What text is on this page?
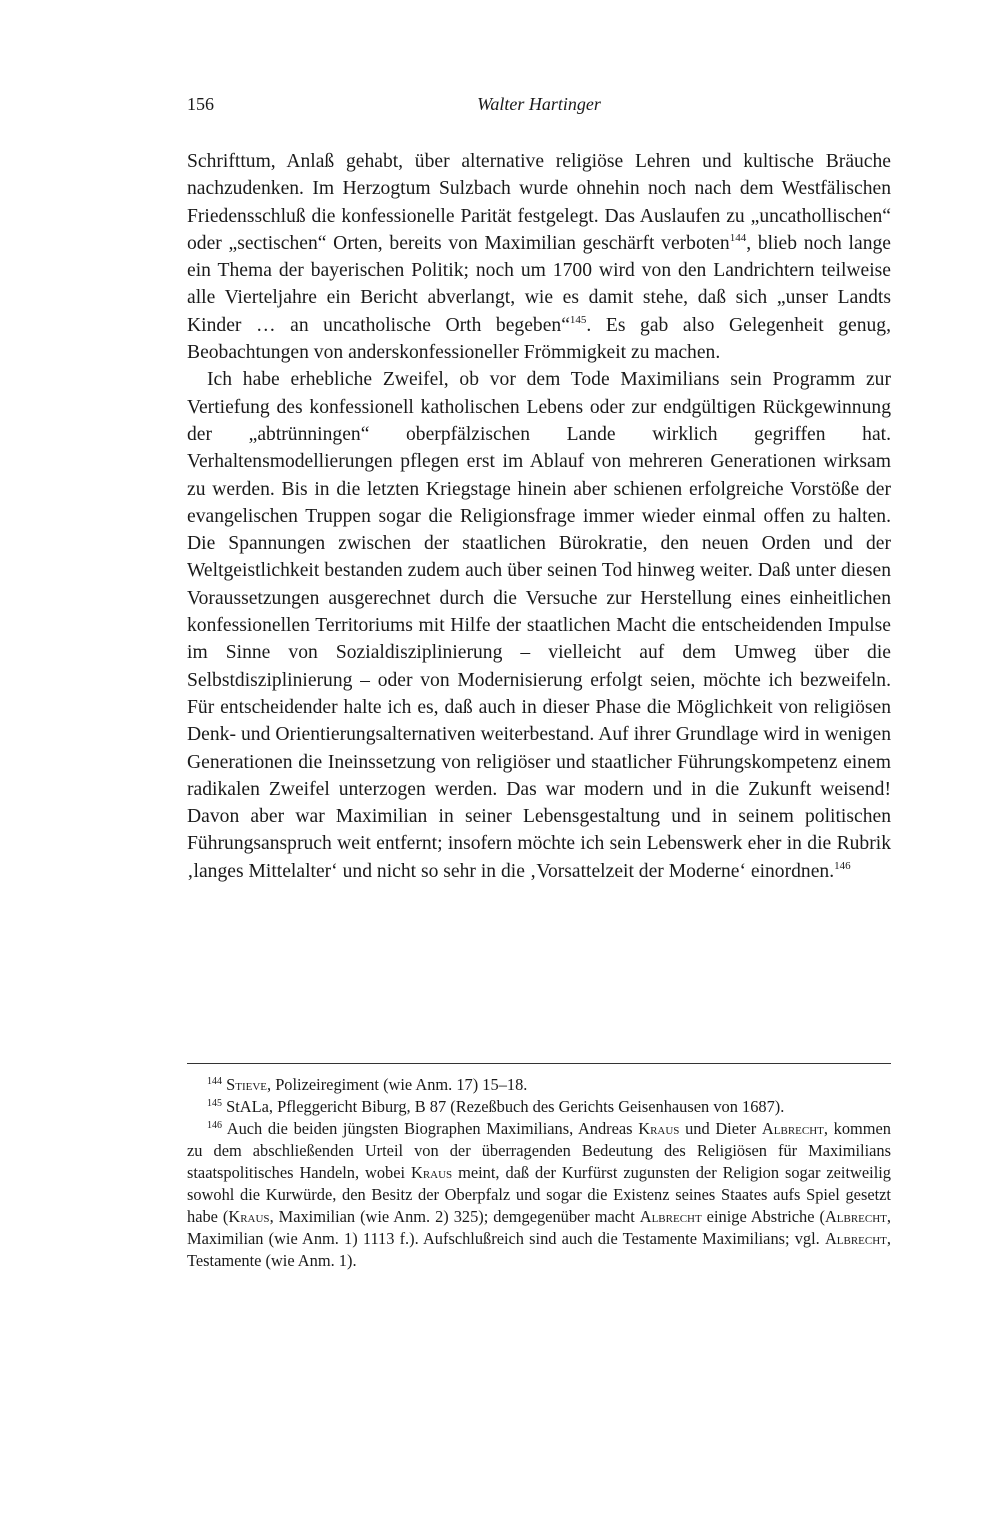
156	Walter Hartinger

Schrifttum, Anlaß gehabt, über alternative religiöse Lehren und kultische Bräuche nachzudenken. Im Herzogtum Sulzbach wurde ohnehin noch nach dem Westfälischen Friedensschluß die konfessionelle Parität festgelegt. Das Auslaufen zu „uncathollischen“ oder „sectischen“ Orten, bereits von Maximilian geschärft verboten$^{144}$, blieb noch lange ein Thema der bayerischen Politik; noch um 1700 wird von den Landrichtern teilweise alle Vierteljahre ein Bericht abverlangt, wie es damit stehe, daß sich „unser Landts Kinder … an uncatholische Orth begeben“$^{145}$. Es gab also Gelegenheit genug, Beobachtungen von anderskonfessioneller Frömmigkeit zu machen.

Ich habe erhebliche Zweifel, ob vor dem Tode Maximilians sein Programm zur Vertiefung des konfessionell katholischen Lebens oder zur endgültigen Rückgewinnung der „abtrünningen“ oberpfälzischen Lande wirklich gegriffen hat. Verhaltensmodellierungen pflegen erst im Ablauf von mehreren Generationen wirksam zu werden. Bis in die letzten Kriegstage hinein aber schienen erfolgreiche Vorstöße der evangelischen Truppen sogar die Religionsfrage immer wieder einmal offen zu halten. Die Spannungen zwischen der staatlichen Bürokratie, den neuen Orden und der Weltgeistlichkeit bestanden zudem auch über seinen Tod hinweg weiter. Daß unter diesen Voraussetzungen ausgerechnet durch die Versuche zur Herstellung eines einheitlichen konfessionellen Territoriums mit Hilfe der staatlichen Macht die entscheidenden Impulse im Sinne von Sozialdisziplinierung – vielleicht auf dem Umweg über die Selbstdisziplinierung – oder von Modernisierung erfolgt seien, möchte ich bezweifeln. Für entscheidender halte ich es, daß auch in dieser Phase die Möglichkeit von religiösen Denk- und Orientierungsalternativen weiterbestand. Auf ihrer Grundlage wird in wenigen Generationen die Ineinssetzung von religiöser und staatlicher Führungskompetenz einem radikalen Zweifel unterzogen werden. Das war modern und in die Zukunft weisend! Davon aber war Maximilian in seiner Lebensgestaltung und in seinem politischen Führungsanspruch weit entfernt; insofern möchte ich sein Lebenswerk eher in die Rubrik ‚langes Mittelalter‘ und nicht so sehr in die ‚Vorsattelzeit der Moderne‘ einordnen.$^{146}$

$^{144}$ Stieve, Polizeiregiment (wie Anm. 17) 15–18.

$^{145}$ StALa, Pfleggericht Biburg, B 87 (Rezeßbuch des Gerichts Geisenhausen von 1687).

$^{146}$ Auch die beiden jüngsten Biographen Maximilians, Andreas Kraus und Dieter Albrecht, kommen zu dem abschließenden Urteil von der überragenden Bedeutung des Religiösen für Maximilians staatspolitisches Handeln, wobei Kraus meint, daß der Kurfürst zugunsten der Religion sogar zeitweilig sowohl die Kurwürde, den Besitz der Oberpfalz und sogar die Existenz seines Staates aufs Spiel gesetzt habe (Kraus, Maximilian (wie Anm. 2) 325); demgegenüber macht Albrecht einige Abstriche (Albrecht, Maximilian (wie Anm. 1) 1113 f.). Aufschlußreich sind auch die Testamente Maximilians; vgl. Albrecht, Testamente (wie Anm. 1).
